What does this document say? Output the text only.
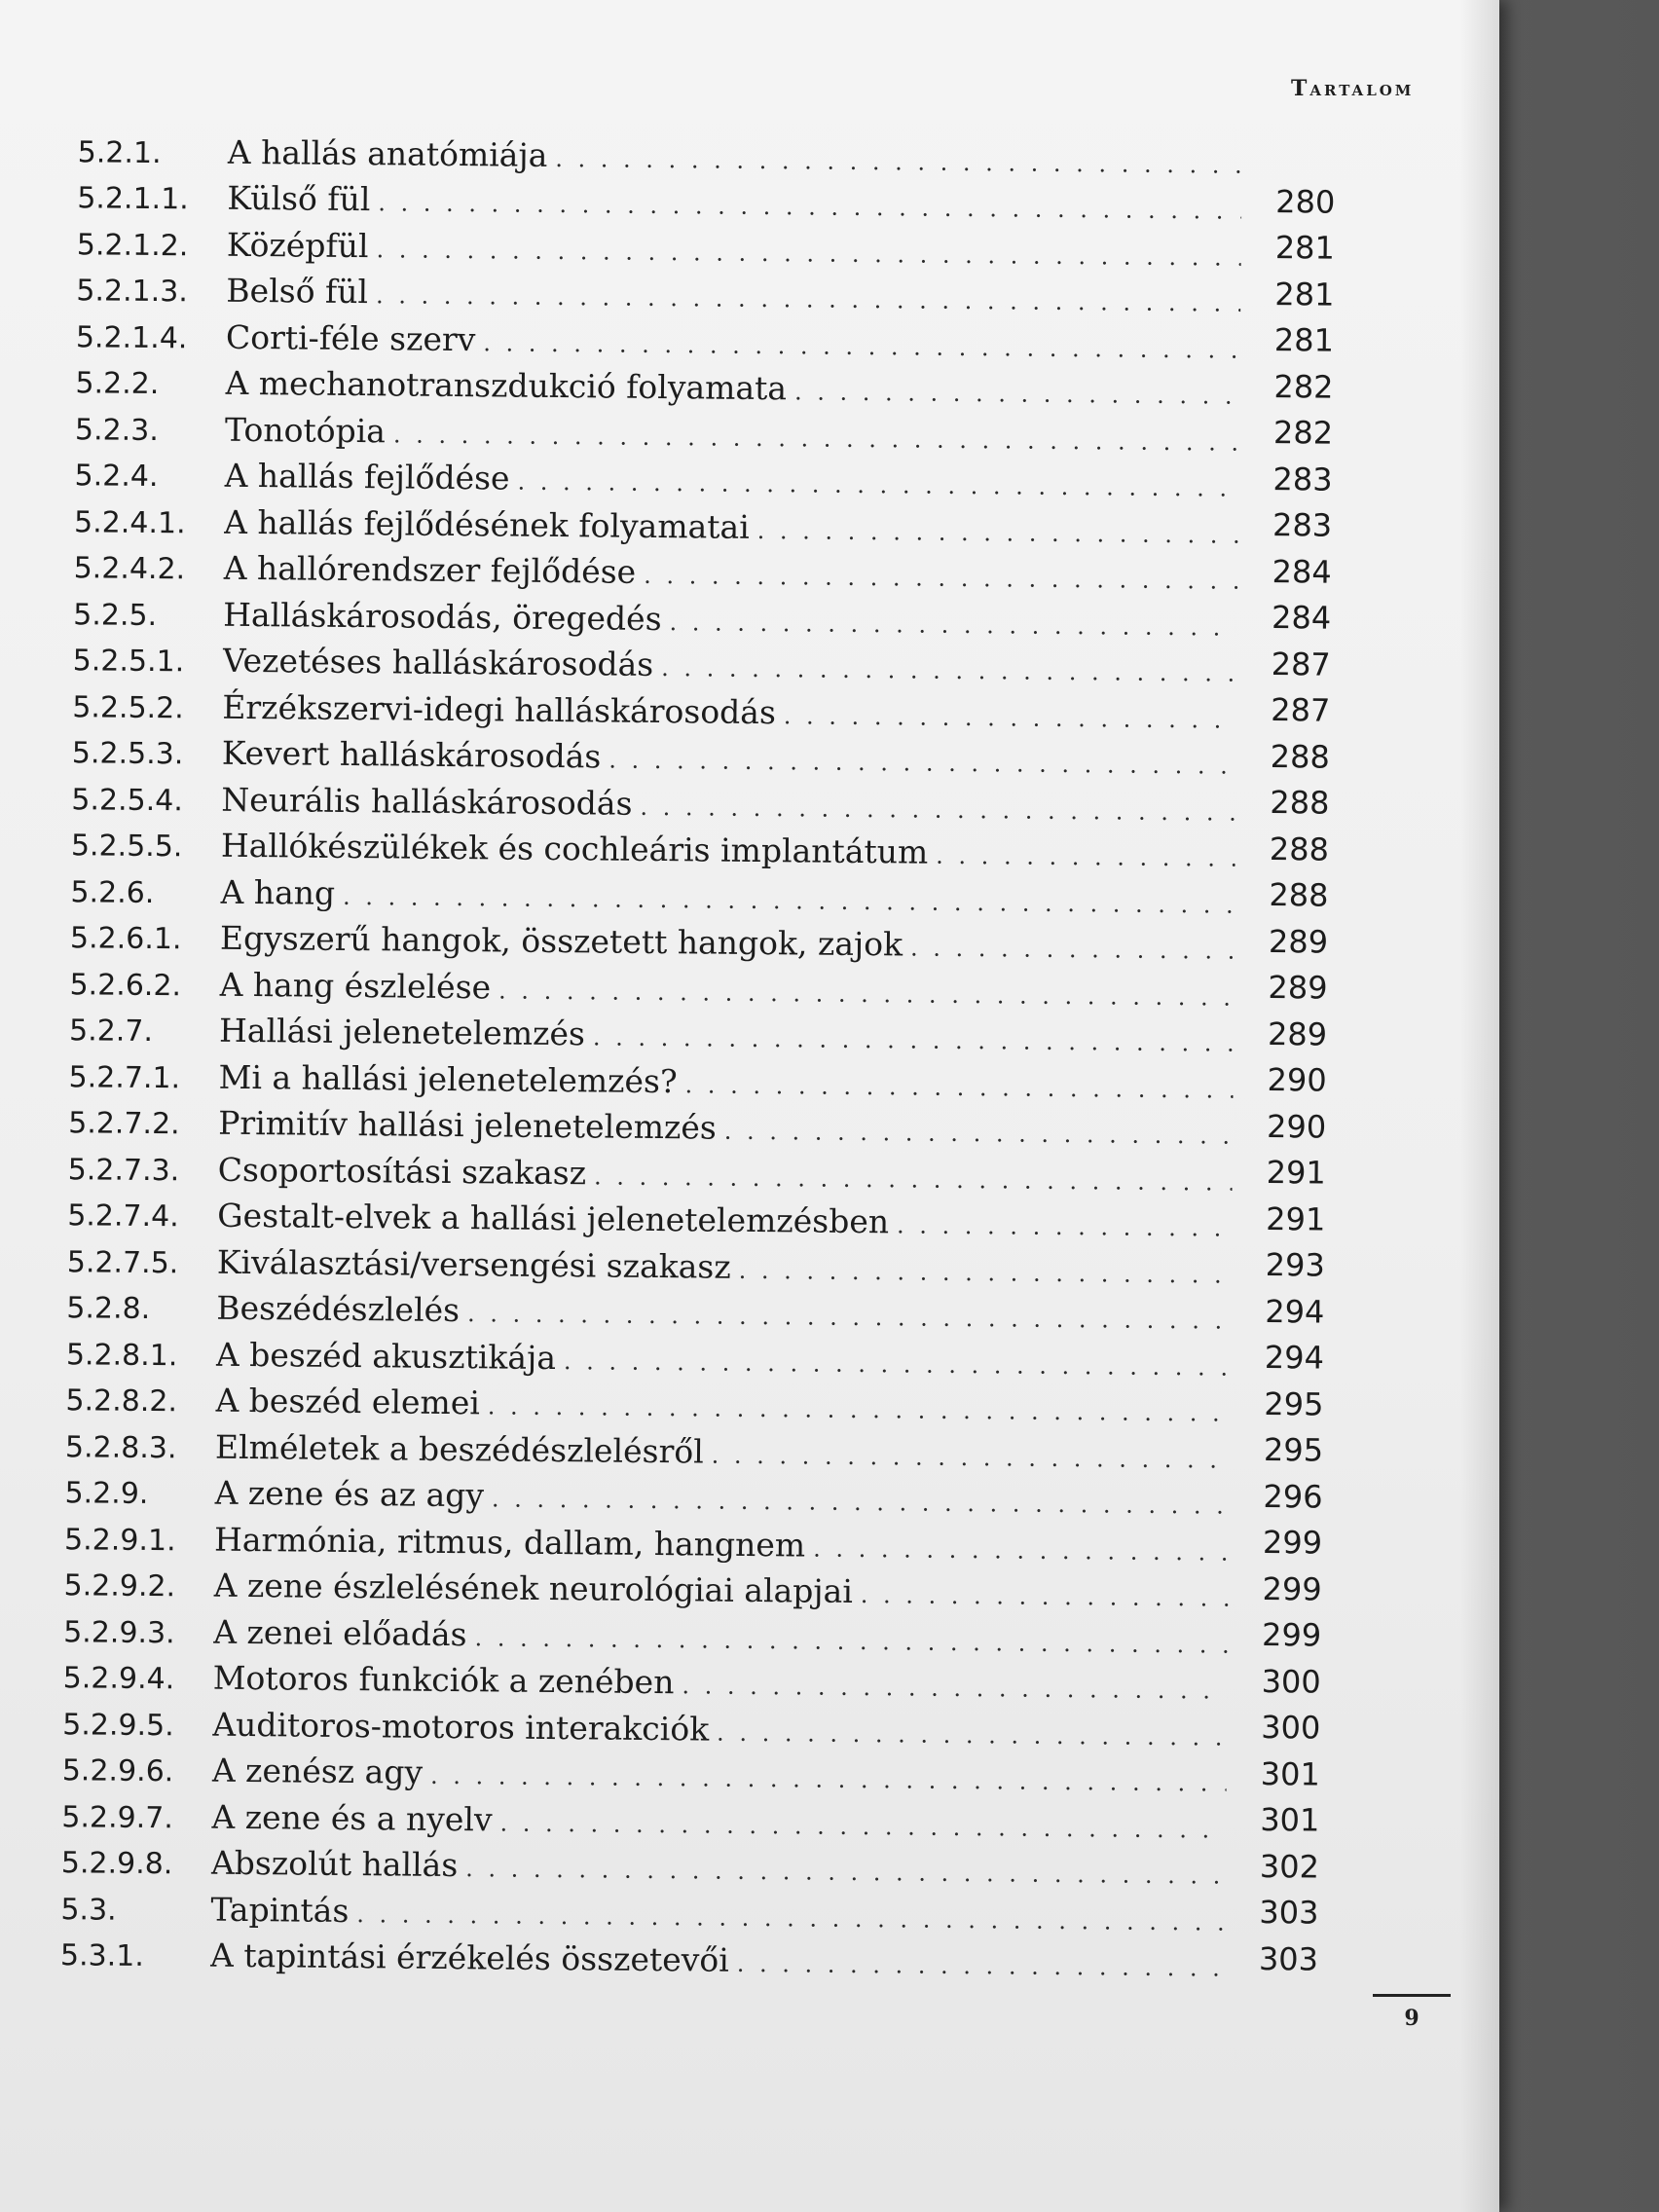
Tartalom
5.2.1. A hallás anatómiája
. . .
280
5.2.1.1. Külső fül
. . .
281
5.2.1.2. Középfül
. . .
281
5.2.1.3. Belső fül
. . .
281
5.2.1.4. Corti-féle szerv
. . .
282
5.2.2. A mechanotranszdukció folyamata
. . .
282
5.2.3. Tonotópia
. . .
283
5.2.4. A hallás fejlődése
. . .
283
5.2.4.1. A hallás fejlődésének folyamatai
. . .
284
5.2.4.2. A hallórendszer fejlődése
. . .
284
5.2.5. Halláskárosodás, öregedés
. . .
287
5.2.5.1. Vezetéses halláskárosodás
. . .
287
5.2.5.2. Érzékszervi-idegi halláskárosodás
. . .
288
5.2.5.3. Kevert halláskárosodás
. . .
288
5.2.5.4. Neurális halláskárosodás
. . .
288
5.2.5.5. Hallókészülékek és cochleáris implantátum
. . .
288
5.2.6. A hang
. . .
289
5.2.6.1. Egyszerű hangok, összetett hangok, zajok
. . .
289
5.2.6.2. A hang észlelése
. . .
289
5.2.7. Hallási jelenetelemzés
. . .
290
5.2.7.1. Mi a hallási jelenetelemzés?
. . .
290
5.2.7.2. Primitív hallási jelenetelemzés
. . .
291
5.2.7.3. Csoportosítási szakasz
. . .
291
5.2.7.4. Gestalt-elvek a hallási jelenetelemzésben
. . .
293
5.2.7.5. Kiválasztási/versengési szakasz
. . .
294
5.2.8. Beszédészlelés
. . .
294
5.2.8.1. A beszéd akusztikája
. . .
295
5.2.8.2. A beszéd elemei
. . .
295
5.2.8.3. Elméletek a beszédészlelésről
. . .
296
5.2.9. A zene és az agy
. . .
299
5.2.9.1. Harmónia, ritmus, dallam, hangnem
. . .
299
5.2.9.2. A zene észlelésének neurológiai alapjai
. . .
299
5.2.9.3. A zenei előadás
. . .
300
5.2.9.4. Motoros funkciók a zenében
. . .
300
5.2.9.5. Auditoros-motoros interakciók
. . .
301
5.2.9.6. A zenész agy
. . .
301
5.2.9.7. A zene és a nyelv
. . .
302
5.2.9.8. Abszolút hallás
. . .
303
5.3.	Tapintás
. . .
303
5.3.1. A tapintási érzékelés összetevői
. . .
9
